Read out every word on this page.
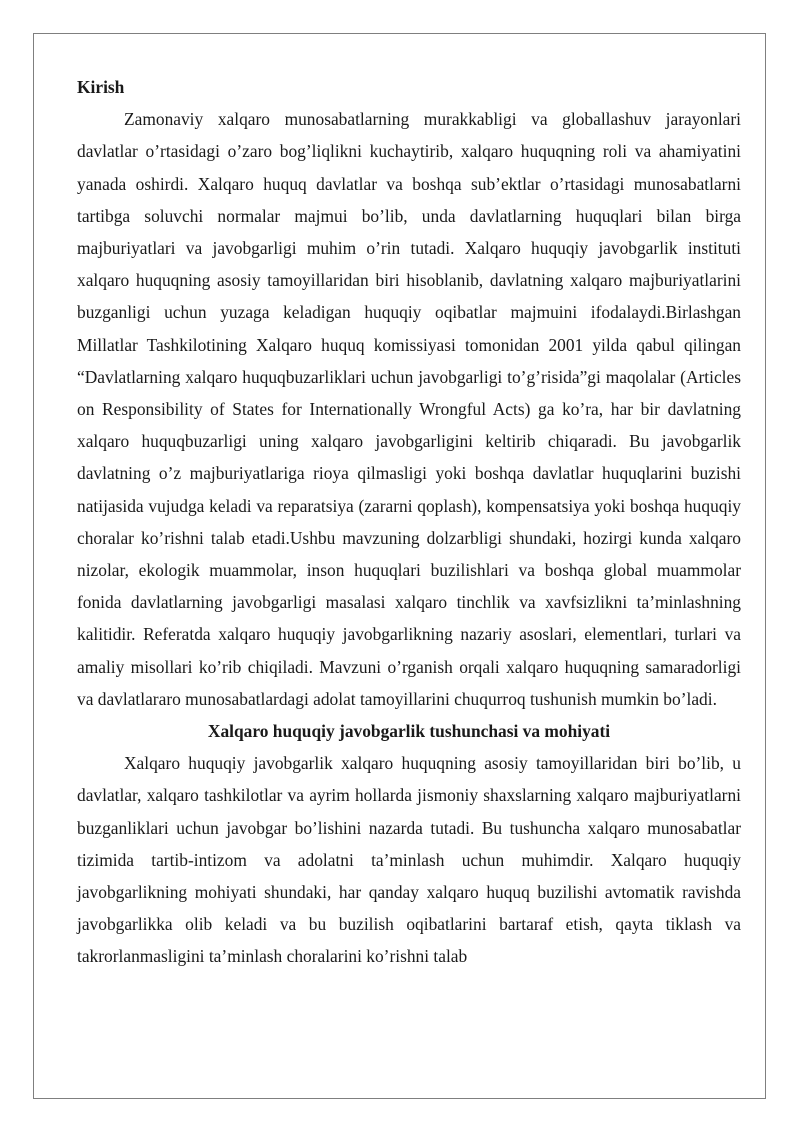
Kirish

Zamonaviy xalqaro munosabatlarning murakkabligi va globallashuv jarayonlari davlatlar o’rtasidagi o’zaro bog’liqlikni kuchaytirib, xalqaro huquqning roli va ahamiyatini yanada oshirdi. Xalqaro huquq davlatlar va boshqa sub’ektlar o’rtasidagi munosabatlarni tartibga soluvchi normalar majmui bo’lib, unda davlatlarning huquqlari bilan birga majburiyatlari va javobgarligi muhim o’rin tutadi. Xalqaro huquqiy javobgarlik instituti xalqaro huquqning asosiy tamoyillaridan biri hisoblanib, davlatning xalqaro majburiyatlarini buzganligi uchun yuzaga keladigan huquqiy oqibatlar majmuini ifodalaydi.Birlashgan Millatlar Tashkilotining Xalqaro huquq komissiyasi tomonidan 2001 yilda qabul qilingan “Davlatlarning xalqaro huquqbuzarliklari uchun javobgarligi to’g’risida”gi maqolalar (Articles on Responsibility of States for Internationally Wrongful Acts) ga ko’ra, har bir davlatning xalqaro huquqbuzarligi uning xalqaro javobgarligini keltirib chiqaradi. Bu javobgarlik davlatning o’z majburiyatlariga rioya qilmasligi yoki boshqa davlatlar huquqlarini buzishi natijasida vujudga keladi va reparatsiya (zararni qoplash), kompensatsiya yoki boshqa huquqiy choralar ko’rishni talab etadi.Ushbu mavzuning dolzarbligi shundaki, hozirgi kunda xalqaro nizolar, ekologik muammolar, inson huquqlari buzilishlari va boshqa global muammolar fonida davlatlarning javobgarligi masalasi xalqaro tinchlik va xavfsizlikni ta’minlashning kalitidir. Referatda xalqaro huquqiy javobgarlikning nazariy asoslari, elementlari, turlari va amaliy misollari ko’rib chiqiladi. Mavzuni o’rganish orqali xalqaro huquqning samaradorligi va davlatlararo munosabatlardagi adolat tamoyillarini chuqurroq tushunish mumkin bo’ladi.

Xalqaro huquqiy javobgarlik tushunchasi va mohiyati

Xalqaro huquqiy javobgarlik xalqaro huquqning asosiy tamoyillaridan biri bo’lib, u davlatlar, xalqaro tashkilotlar va ayrim hollarda jismoniy shaxslarning xalqaro majburiyatlarni buzganliklari uchun javobgar bo’lishini nazarda tutadi. Bu tushuncha xalqaro munosabatlar tizimida tartib-intizom va adolatni ta’minlash uchun muhimdir. Xalqaro huquqiy javobgarlikning mohiyati shundaki, har qanday xalqaro huquq buzilishi avtomatik ravishda javobgarlikka olib keladi va bu buzilish oqibatlarini bartaraf etish, qayta tiklash va takrorlanmasligini ta’minlash choralarini ko’rishni talab
